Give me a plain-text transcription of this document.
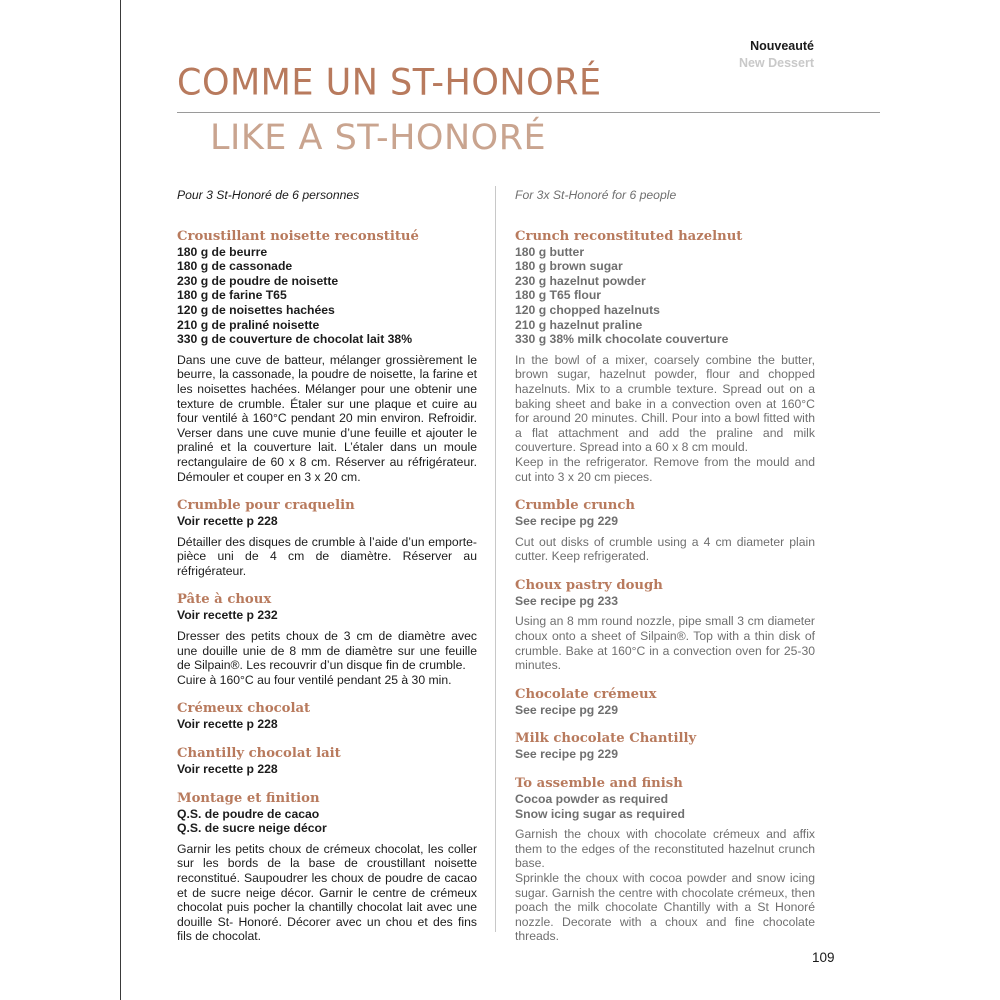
Nouveauté
New Dessert
COMME UN ST-HONORÉ
LIKE A ST-HONORÉ
Pour 3 St-Honoré de 6 personnes
Croustillant noisette reconstitué
180 g de beurre
180 g de cassonade
230 g de poudre de noisette
180 g de farine T65
120 g de noisettes hachées
210 g de praliné noisette
330 g de couverture de chocolat lait 38%
Dans une cuve de batteur, mélanger grossièrement le beurre, la cassonade, la poudre de noisette, la farine et les noisettes hachées. Mélanger pour une obtenir une texture de crumble. Étaler sur une plaque et cuire au four ventilé à 160°C pendant 20 min environ. Refroidir. Verser dans une cuve munie d’une feuille et ajouter le praliné et la couverture lait. L’étaler dans un moule rectangulaire de 60 x 8 cm. Réserver au réfrigérateur. Démouler et couper en 3 x 20 cm.
Crumble pour craquelin
Voir recette p 228
Détailler des disques de crumble à l’aide d’un emporte-pièce uni de 4 cm de diamètre. Réserver au réfrigérateur.
Pâte à choux
Voir recette p 232
Dresser des petits choux de 3 cm de diamètre avec une douille unie de 8 mm de diamètre sur une feuille de Silpain®. Les recouvrir d’un disque fin de crumble.
Cuire à 160°C au four ventilé pendant 25 à 30 min.
Crémeux chocolat
Voir recette p 228
Chantilly chocolat lait
Voir recette p 228
Montage et finition
Q.S. de poudre de cacao
Q.S. de sucre neige décor
Garnir les petits choux de crémeux chocolat, les coller sur les bords de la base de croustillant noisette reconstitué. Saupoudrer les choux de poudre de cacao et de sucre neige décor. Garnir le centre de crémeux chocolat puis pocher la chantilly chocolat lait avec une douille St- Honoré. Décorer avec un chou et des fins fils de chocolat.
For 3x St-Honoré for 6 people
Crunch reconstituted hazelnut
180 g butter
180 g brown sugar
230 g hazelnut powder
180 g T65 flour
120 g chopped hazelnuts
210 g hazelnut praline
330 g 38% milk chocolate couverture
In the bowl of a mixer, coarsely combine the butter, brown sugar, hazelnut powder, flour and chopped hazelnuts. Mix to a crumble texture. Spread out on a baking sheet and bake in a convection oven at 160°C for around 20 minutes. Chill. Pour into a bowl fitted with a flat attachment and add the praline and milk couverture. Spread into a 60 x 8 cm mould.
Keep in the refrigerator. Remove from the mould and cut into 3 x 20 cm pieces.
Crumble crunch
See recipe pg 229
Cut out disks of crumble using a 4 cm diameter plain cutter. Keep refrigerated.
Choux pastry dough
See recipe pg 233
Using an 8 mm round nozzle, pipe small 3 cm diameter choux onto a sheet of Silpain®. Top with a thin disk of crumble. Bake at 160°C in a convection oven for 25-30 minutes.
Chocolate crémeux
See recipe pg 229
Milk chocolate Chantilly
See recipe pg 229
To assemble and finish
Cocoa powder as required
Snow icing sugar as required
Garnish the choux with chocolate crémeux and affix them to the edges of the reconstituted hazelnut crunch base.
Sprinkle the choux with cocoa powder and snow icing sugar. Garnish the centre with chocolate crémeux, then poach the milk chocolate Chantilly with a St Honoré nozzle. Decorate with a choux and fine chocolate threads.
109
